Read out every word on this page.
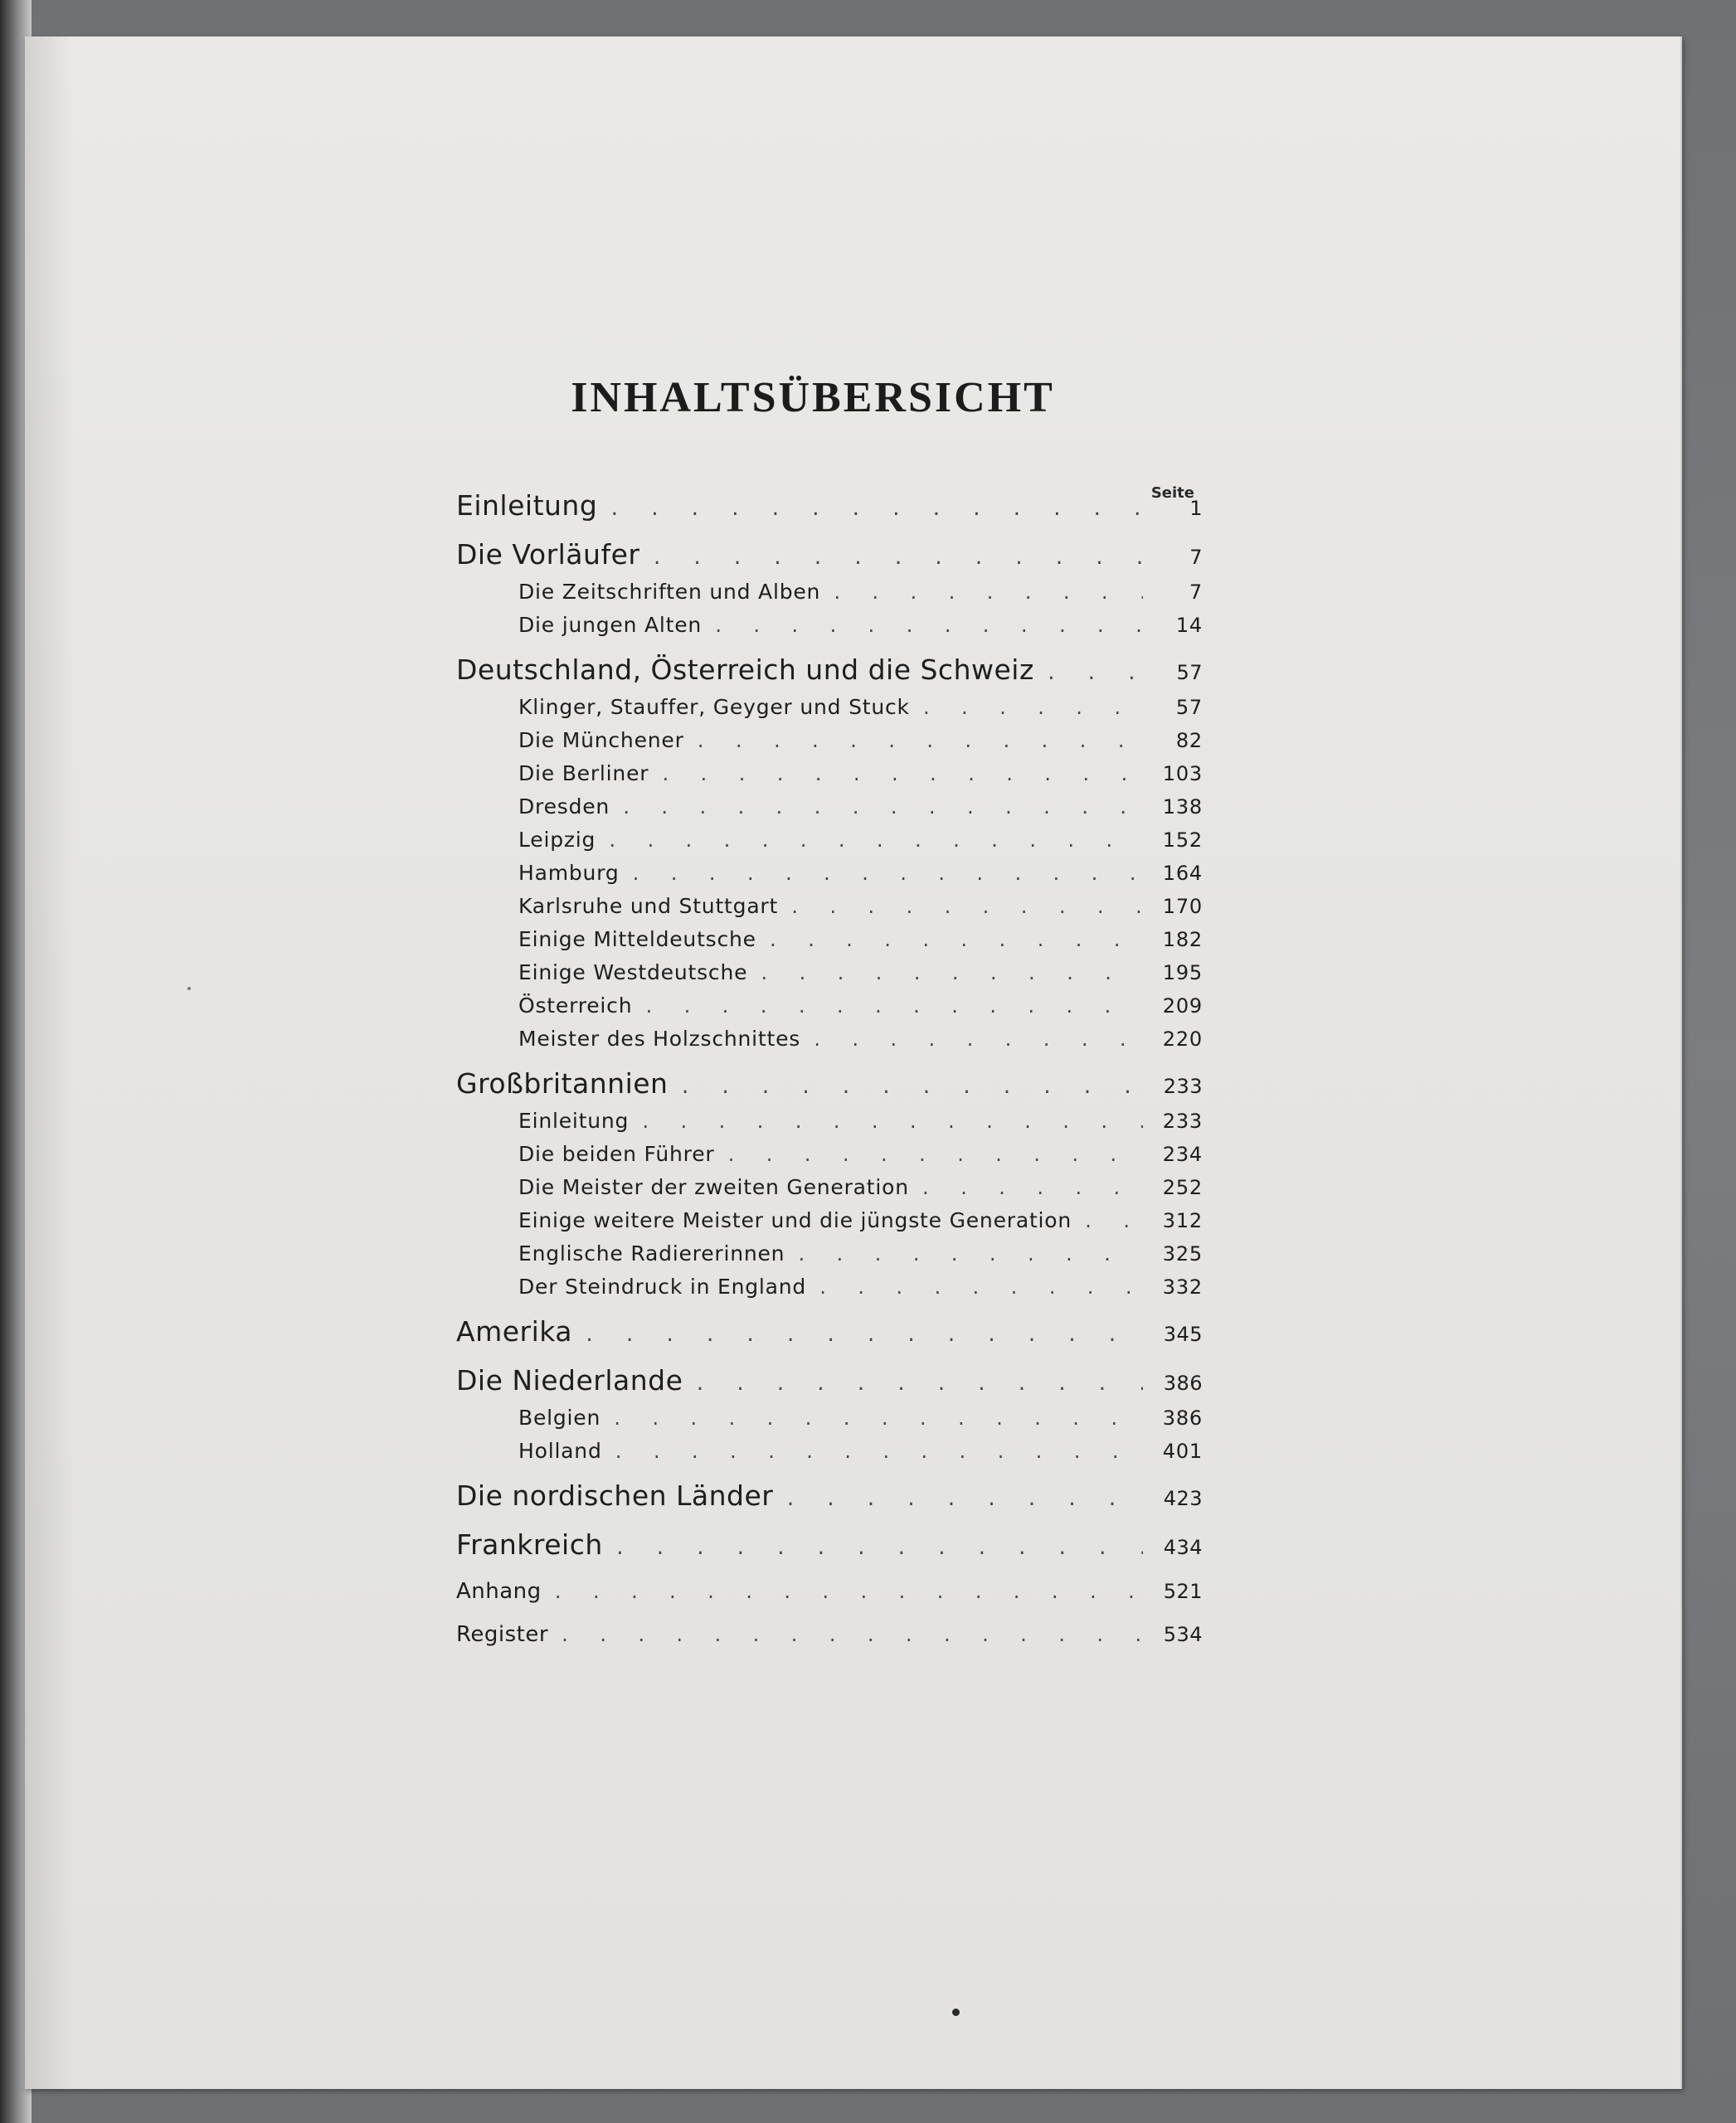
INHALTSÜBERSICHT
Seite
Einleitung . . .	1
Die Vorläufer . . .	7
Die Zeitschriften und Alben . . .	7
Die jungen Alten . . .	14
Deutschland, Österreich und die Schweiz . . .	57
Klinger, Stauffer, Geyger und Stuck . . .	57
Die Münchener . . .	82
Die Berliner . . .	103
Dresden . . .	138
Leipzig . . .	152
Hamburg . . .	164
Karlsruhe und Stuttgart . . .	170
Einige Mitteldeutsche . . .	182
Einige Westdeutsche . . .	195
Österreich . . .	209
Meister des Holzschnittes . . .	220
Großbritannien . . .	233
Einleitung . . .	233
Die beiden Führer . . .	234
Die Meister der zweiten Generation . . .	252
Einige weitere Meister und die jüngste Generation . . .	312
Englische Radiererinnen . . .	325
Der Steindruck in England . . .	332
Amerika . . .	345
Die Niederlande . . .	386
Belgien . . .	386
Holland . . .	401
Die nordischen Länder . . .	423
Frankreich . . .	434
Anhang . . .	521
Register . . .	534
